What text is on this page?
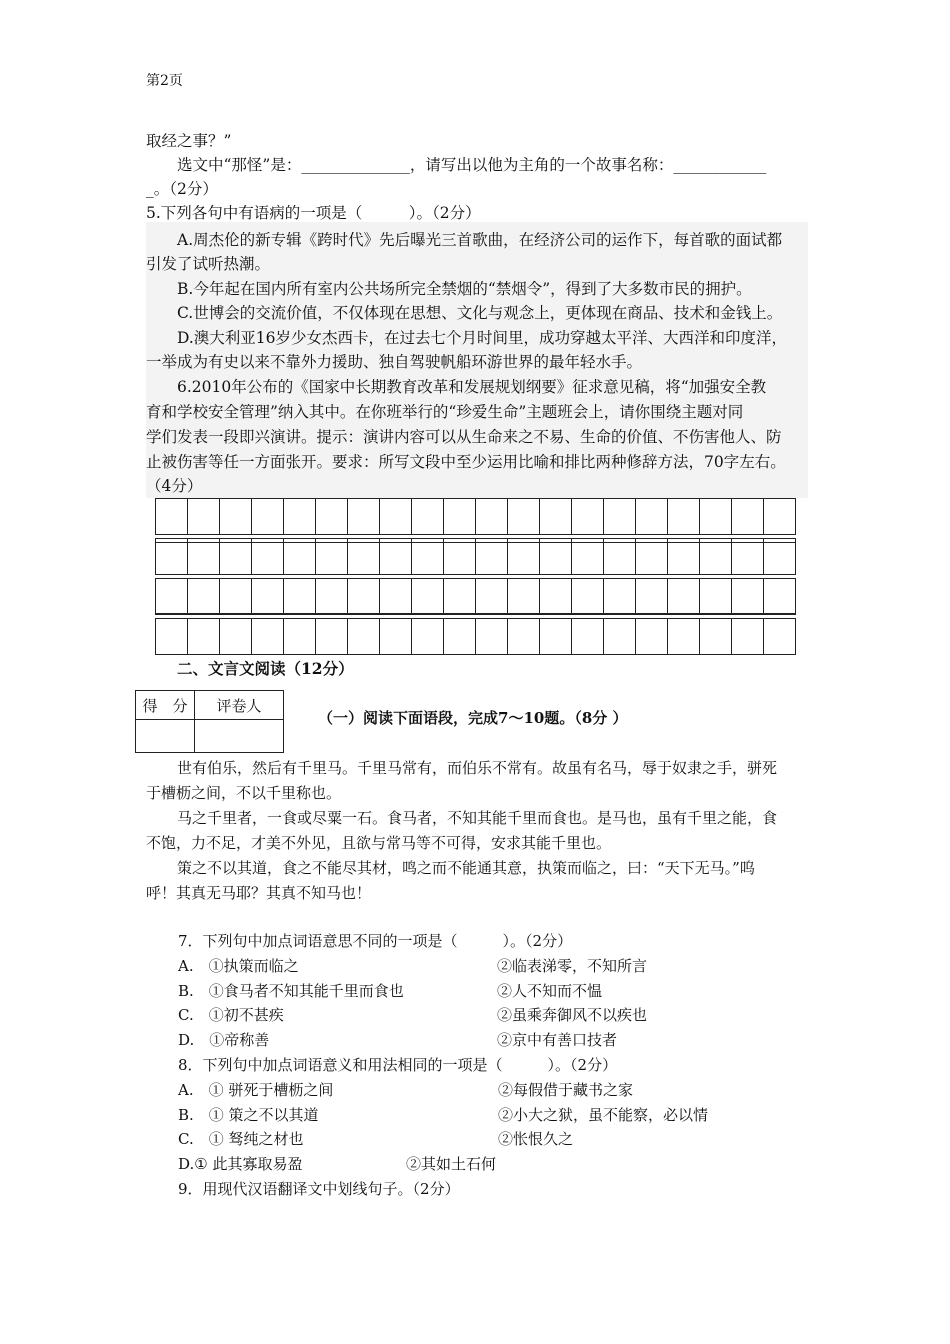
第2页
取经之事？”
选文中“那怪”是：______________，请写出以他为主角的一个故事名称：____________
_。（2分）
5.下列各句中有语病的一项是（　　　）。（2分）
A.周杰伦的新专辑《跨时代》先后曝光三首歌曲，在经济公司的运作下，每首歌的面试都
引发了试听热潮。
B.今年起在国内所有室内公共场所完全禁烟的“禁烟令”，得到了大多数市民的拥护。
C.世博会的交流价值，不仅体现在思想、文化与观念上，更体现在商品、技术和金钱上。
D.澳大利亚16岁少女杰西卡，在过去七个月时间里，成功穿越太平洋、大西洋和印度洋，
一举成为有史以来不靠外力援助、独自驾驶帆船环游世界的最年轻水手。
6.2010年公布的《国家中长期教育改革和发展规划纲要》征求意见稿，将“加强安全教
育和学校安全管理”纳入其中。在你班举行的“珍爱生命”主题班会上，请你围绕主题对同
学们发表一段即兴演讲。提示：演讲内容可以从生命来之不易、生命的价值、不伤害他人、防
止被伤害等任一方面张开。要求：所写文段中至少运用比喻和排比两种修辞方法，70字左右。
（4分）
二、文言文阅读（12分）
得　分	评卷人

（一）阅读下面语段，完成7～10题。（8分 ）
世有伯乐，然后有千里马。千里马常有，而伯乐不常有。故虽有名马，辱于奴隶之手，骈死
于槽枥之间，不以千里称也。
马之千里者，一食或尽粟一石。食马者，不知其能千里而食也。是马也，虽有千里之能，食
不饱，力不足，才美不外见，且欲与常马等不可得，安求其能千里也。
策之不以其道，食之不能尽其材，鸣之而不能通其意，执策而临之，曰：“天下无马。”呜
呼！其真无马耶？其真不知马也！
7．下列句中加点词语意思不同的一项是（　　　）。（2分）
A.　①执策而临之	②临表涕零，不知所言
B.　①食马者不知其能千里而食也	②人不知而不愠
C.　①初不甚疾	②虽乘奔御风不以疾也
D.　①帝称善	②京中有善口技者
8．下列句中加点词语意义和用法相同的一项是（　　　）。（2分）
A.　① 骈死于槽枥之间	②每假借于藏书之家
B.　① 策之不以其道	②小大之狱，虽不能察，必以情
C.　① 驽纯之材也	②怅恨久之
D.① 此其寡取易盈	②其如土石何
9．用现代汉语翻译文中划线句子。（2分）
